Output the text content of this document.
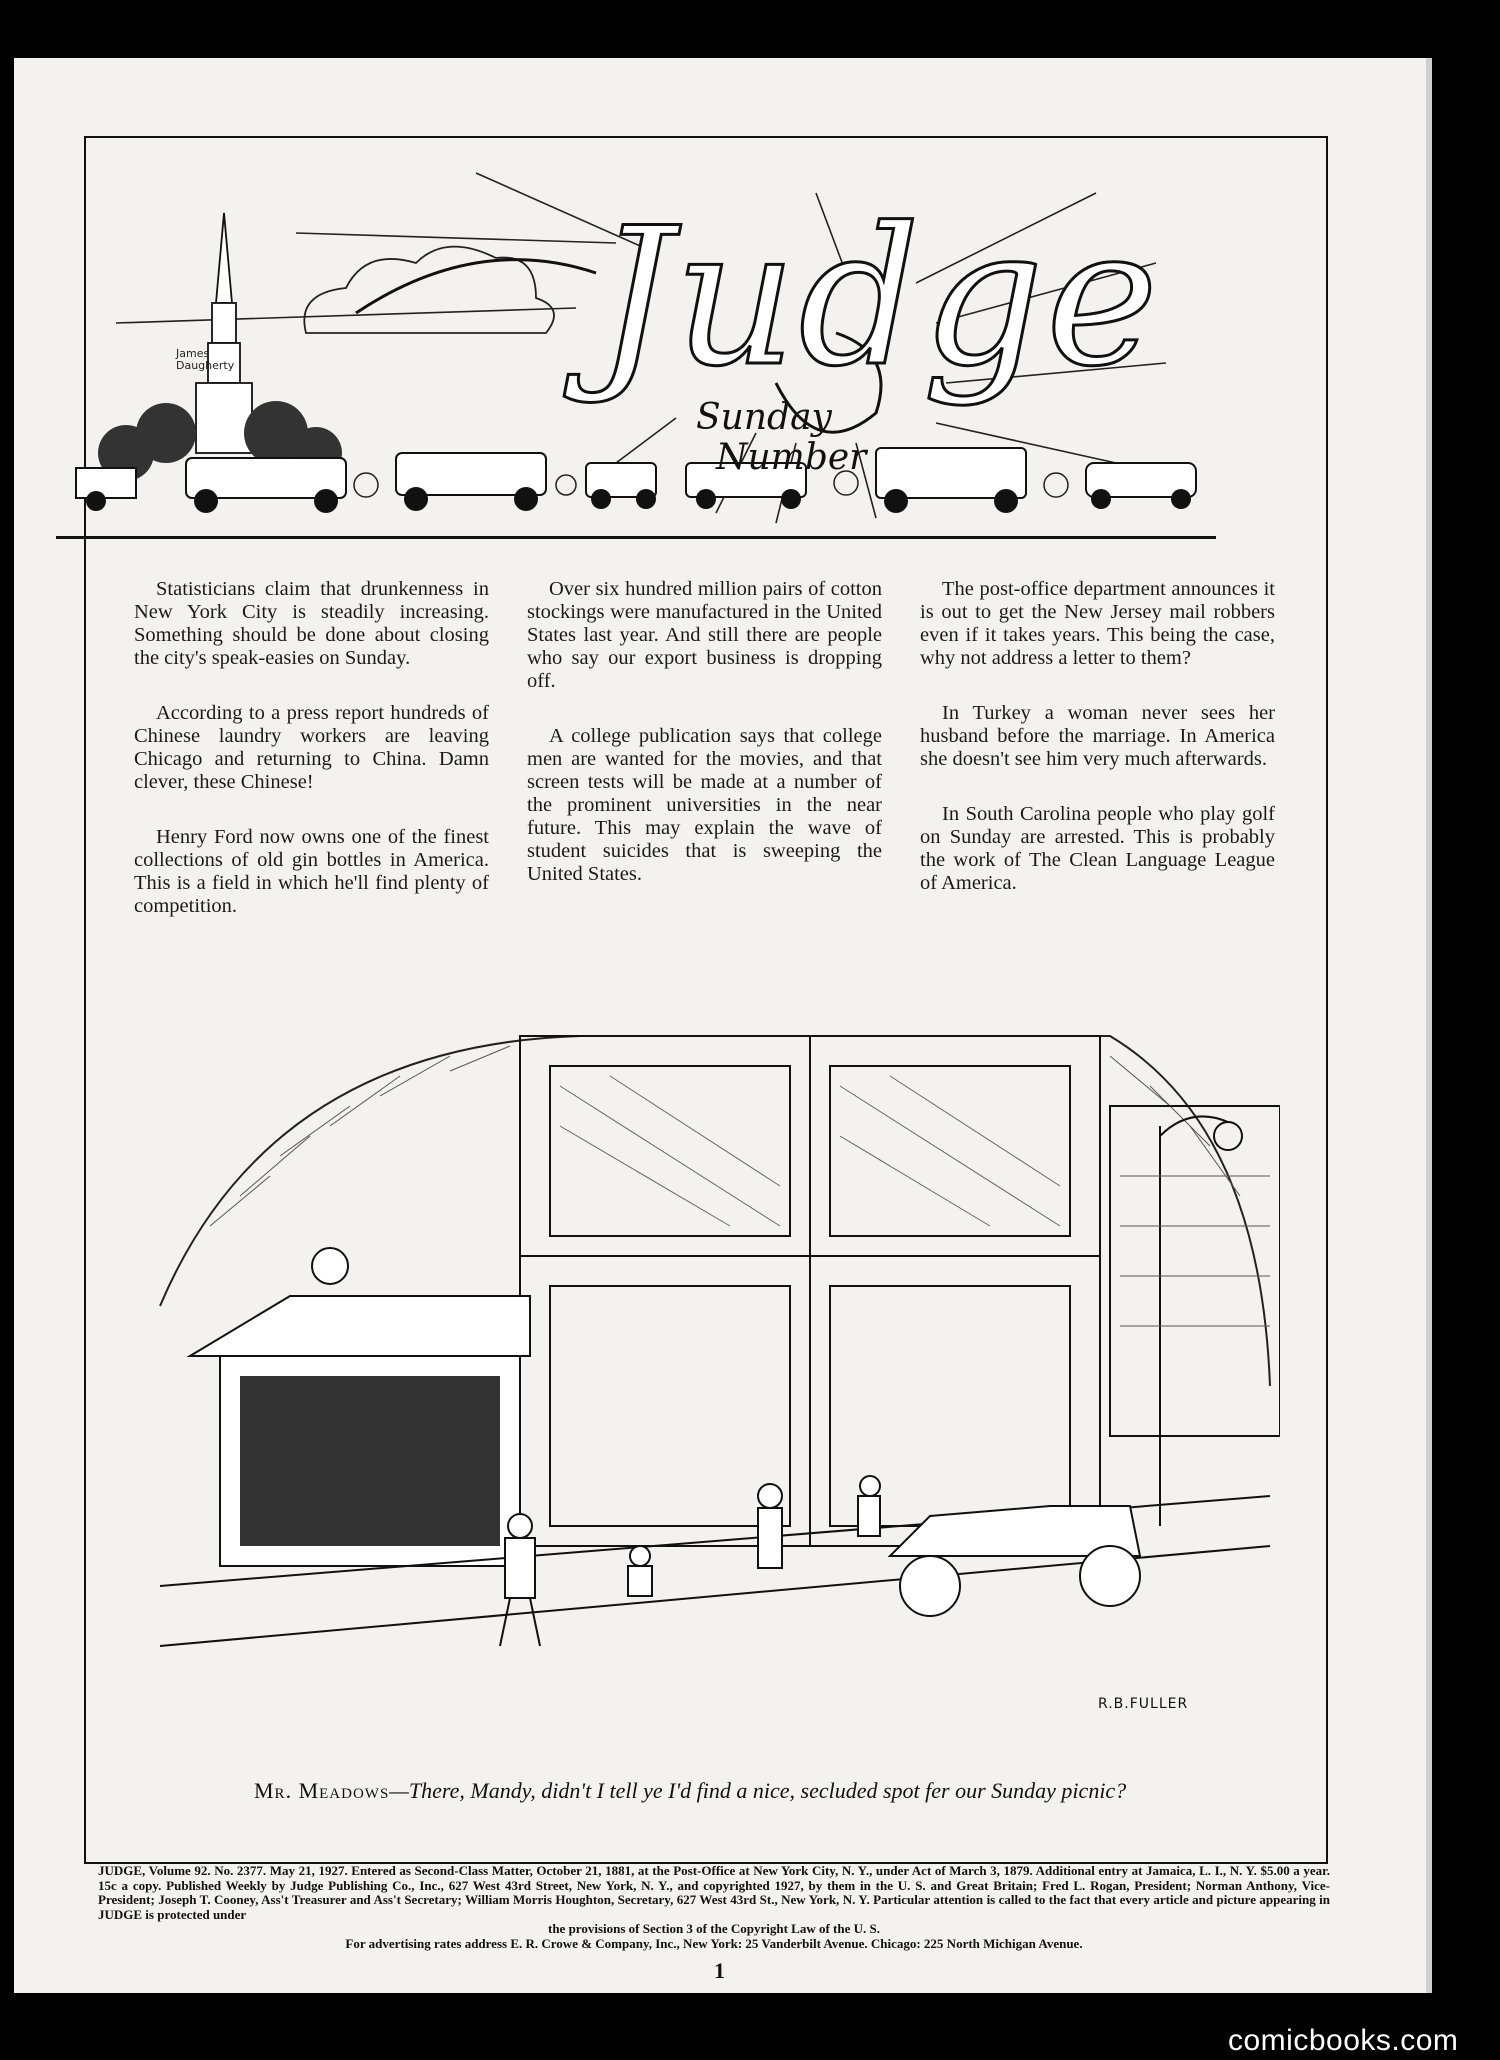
Judge
Sunday
Number
James Daugherty

Statisticians claim that drunkenness in New York City is steadily increasing. Something should be done about closing the city's speak-easies on Sunday.

According to a press report hundreds of Chinese laundry workers are leaving Chicago and returning to China. Damn clever, these Chinese!

Henry Ford now owns one of the finest collections of old gin bottles in America. This is a field in which he'll find plenty of competition.

Over six hundred million pairs of cotton stockings were manufactured in the United States last year. And still there are people who say our export business is dropping off.

A college publication says that college men are wanted for the movies, and that screen tests will be made at a number of the prominent universities in the near future. This may explain the wave of student suicides that is sweeping the United States.

The post-office department announces it is out to get the New Jersey mail robbers even if it takes years. This being the case, why not address a letter to them?

In Turkey a woman never sees her husband before the marriage. In America she doesn't see him very much afterwards.

In South Carolina people who play golf on Sunday are arrested. This is probably the work of The Clean Language League of America.

R.B.FULLER
Mr. Meadows—There, Mandy, didn't I tell ye I'd find a nice, secluded spot fer our Sunday picnic?
JUDGE, Volume 92. No. 2377. May 21, 1927. Entered as Second-Class Matter, October 21, 1881, at the Post-Office at New York City, N. Y., under Act of March 3, 1879. Additional entry at Jamaica, L. I., N. Y. $5.00 a year. 15c a copy. Published Weekly by Judge Publishing Co., Inc., 627 West 43rd Street, New York, N. Y., and copyrighted 1927, by them in the U. S. and Great Britain; Fred L. Rogan, President; Norman Anthony, Vice-President; Joseph T. Cooney, Ass't Treasurer and Ass't Secretary; William Morris Houghton, Secretary, 627 West 43rd St., New York, N. Y. Particular attention is called to the fact that every article and picture appearing in JUDGE is protected under
the provisions of Section 3 of the Copyright Law of the U. S.
For advertising rates address E. R. Crowe & Company, Inc., New York: 25 Vanderbilt Avenue. Chicago: 225 North Michigan Avenue.
1
comicbooks.com
